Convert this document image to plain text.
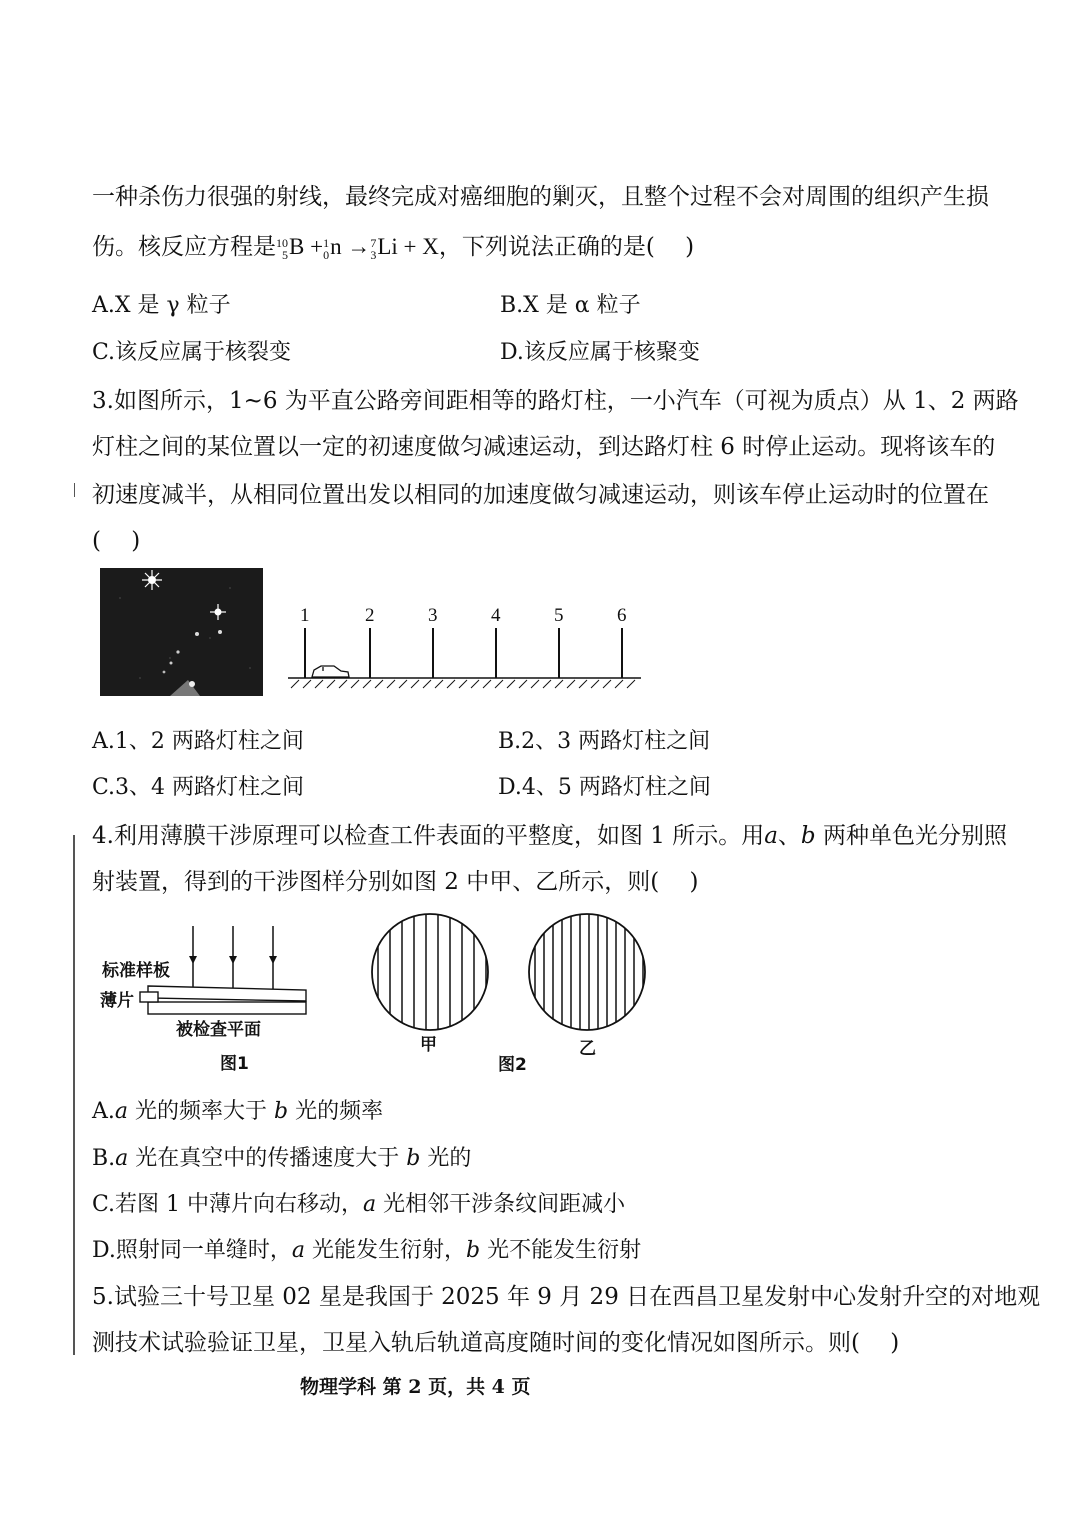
一种杀伤力很强的射线，最终完成对癌细胞的剿灭，且整个过程不会对周围的组织产生损
伤。核反应方程是 10
5 B + 1
0 n → 7
3 Li + X，下列说法正确的是(　 )
A.X 是 γ 粒子	B.X 是 α 粒子
C.该反应属于核裂变	D.该反应属于核聚变
3.如图所示，1~6 为平直公路旁间距相等的路灯柱，一小汽车（可视为质点）从 1、2 两路
灯柱之间的某位置以一定的初速度做匀减速运动，到达路灯柱 6 时停止运动。现将该车的
初速度减半，从相同位置出发以相同的加速度做匀减速运动，则该车停止运动时的位置在
(　 )
1	2	3	4	5	6
A.1、2 两路灯柱之间	B.2、3 两路灯柱之间
C.3、4 两路灯柱之间	D.4、5 两路灯柱之间
4.利用薄膜干涉原理可以检查工件表面的平整度，如图 1 所示。用a、b 两种单色光分别照
射装置，得到的干涉图样分别如图 2 中甲、乙所示，则(　 )
标准样板
薄片
被检查平面
图1
甲	乙
图2
A.a 光的频率大于 b 光的频率
B.a 光在真空中的传播速度大于 b 光的
C.若图 1 中薄片向右移动，a 光相邻干涉条纹间距减小
D.照射同一单缝时，a 光能发生衍射，b 光不能发生衍射
5.试验三十号卫星 02 星是我国于 2025 年 9 月 29 日在西昌卫星发射中心发射升空的对地观
测技术试验验证卫星，卫星入轨后轨道高度随时间的变化情况如图所示。则(　 )
物理学科 第 2 页，共 4 页
